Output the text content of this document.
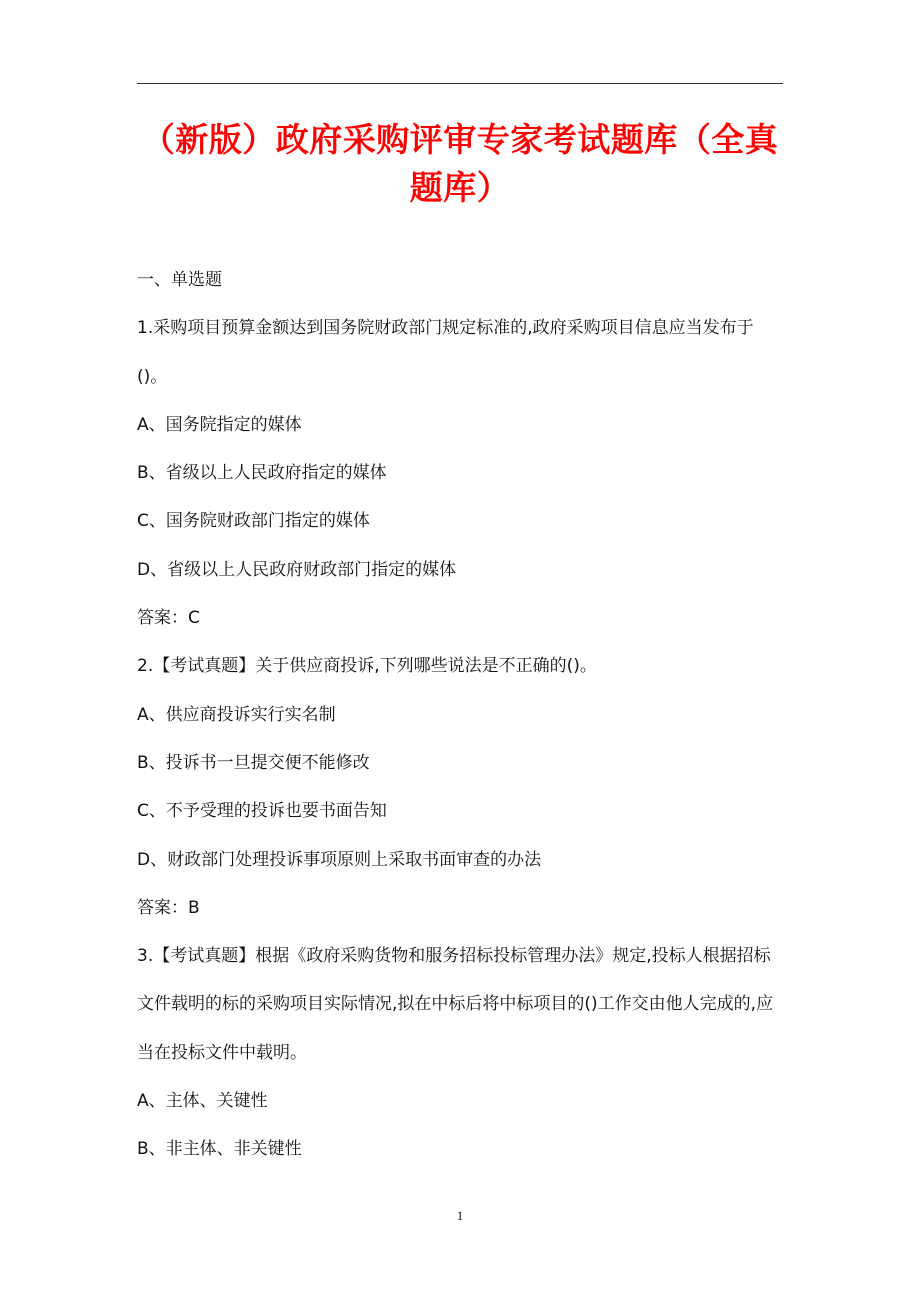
（新版）政府采购评审专家考试题库（全真题库）

一、单选题

1.采购项目预算金额达到国务院财政部门规定标准的,政府采购项目信息应当发布于()。

A、国务院指定的媒体

B、省级以上人民政府指定的媒体

C、国务院财政部门指定的媒体

D、省级以上人民政府财政部门指定的媒体

答案：C

2.【考试真题】关于供应商投诉,下列哪些说法是不正确的()。

A、供应商投诉实行实名制

B、投诉书一旦提交便不能修改

C、不予受理的投诉也要书面告知

D、财政部门处理投诉事项原则上采取书面审查的办法

答案：B

3.【考试真题】根据《政府采购货物和服务招标投标管理办法》规定,投标人根据招标文件载明的标的采购项目实际情况,拟在中标后将中标项目的()工作交由他人完成的,应当在投标文件中载明。

A、主体、关键性

B、非主体、非关键性

1
